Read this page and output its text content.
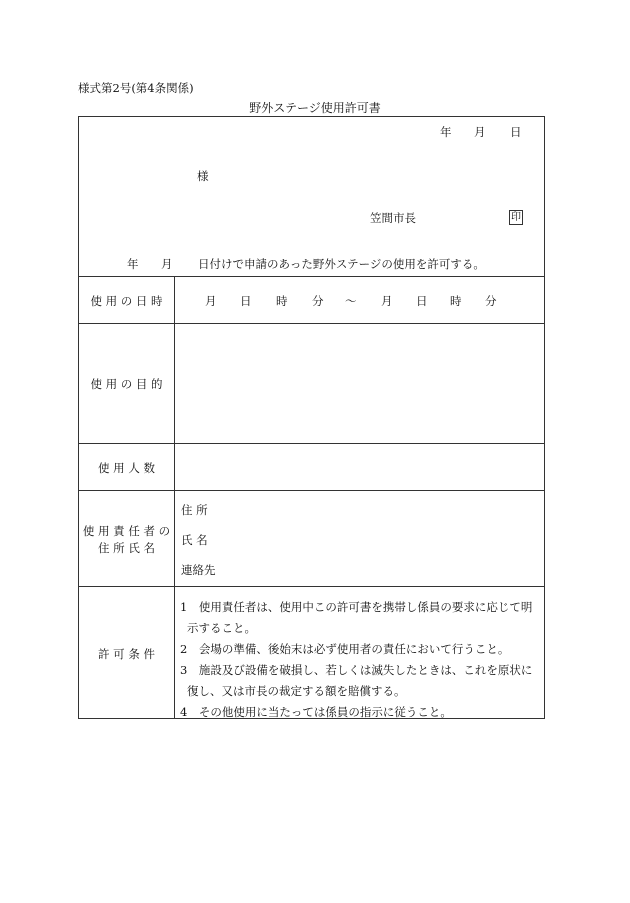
様式第2号(第4条関係)
野外ステージ使用許可書
年 月 日
様
笠間市長	印
年 月 日付けで申請のあった野外ステージの使用を許可する。
使 用 の 日 時	月 日 時 分 ～ 月 日 時 分
使 用 の 目 的
使 用 人 数
使 用 責 任 者 の
住 所 氏 名
住 所
氏 名
連絡先
許 可 条 件
1　使用責任者は、使用中この許可書を携帯し係員の要求に応じて明
示すること。
2　会場の準備、後始末は必ず使用者の責任において行うこと。
3　施設及び設備を破損し、若しくは滅失したときは、これを原状に
復し、又は市長の裁定する額を賠償する。
4　その他使用に当たっては係員の指示に従うこと。
